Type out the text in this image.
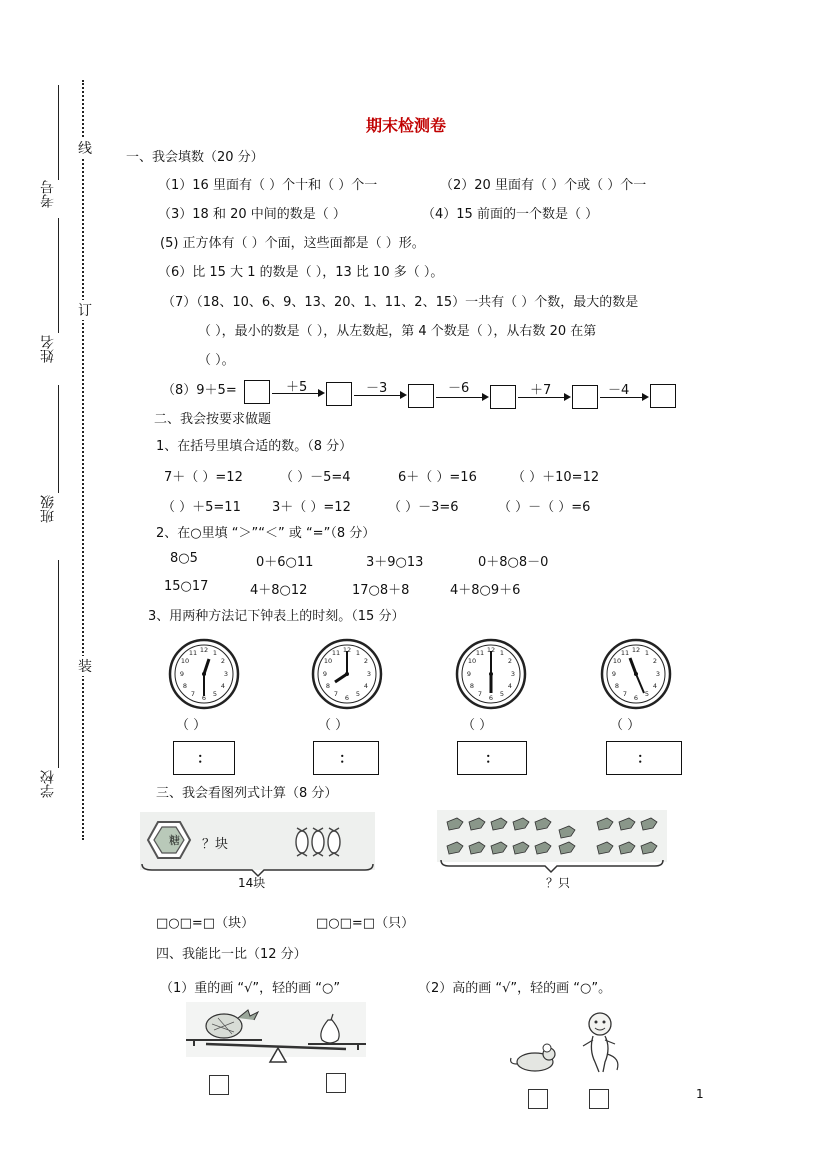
考号
姓名
班级
学校
线
订
装
期末检测卷
一、我会填数（20 分）
（1）16 里面有（ ）个十和（ ）个一	（2）20 里面有（ ）个或（ ）个一
（3）18 和 20 中间的数是（ ）	（4）15 前面的一个数是（ ）
(5) 正方体有（ ）个面，这些面都是（ ）形。
（6）比 15 大 1 的数是（ ），13 比 10 多（ ）。
（7）（18、10、6、9、13、20、1、11、2、15）一共有（ ）个数，最大的数是
（ ），最小的数是（ ），从左数起，第 4 个数是（ ），从右数 20 在第
（ ）。
（8）9＋5=	＋5	－3	－6	＋7	－4
二、我会按要求做题
1、在括号里填合适的数。（8 分）
7＋（ ）=12	（ ）－5=4	6＋（ ）=16	（ ）＋10=12
（ ）＋5=11 3＋（ ）=12	（ ）－3=6	（ ）－（ ）=6
2、在○里填 “＞”“＜” 或 “=”（8 分）
8○5	0＋6○11	3＋9○13	0＋8○8－0
15○17	4＋8○12	17○8＋8	4＋8○9＋6
3、用两种方法记下钟表上的时刻。（15 分）
12 1
2
3
4
5
6
7
8
9
10
11	12 1
2
3
4
5
6
7
8
9
10
11	12 1
2
3
4
5
6
7
8
9
10
11	12 1
2
3
4
5
6
7
8
9
10
11
（ ）	（ ）	（ ）	（ ）
：	：	：	：
三、我会看图列式计算（8 分）
糖 ？块
14块	？只
□○□=□（块）	□○□=□（只）
四、我能比一比（12 分）
（1）重的画 “√”，轻的画 “○”	（2）高的画 “√”，轻的画 “○”。
1
